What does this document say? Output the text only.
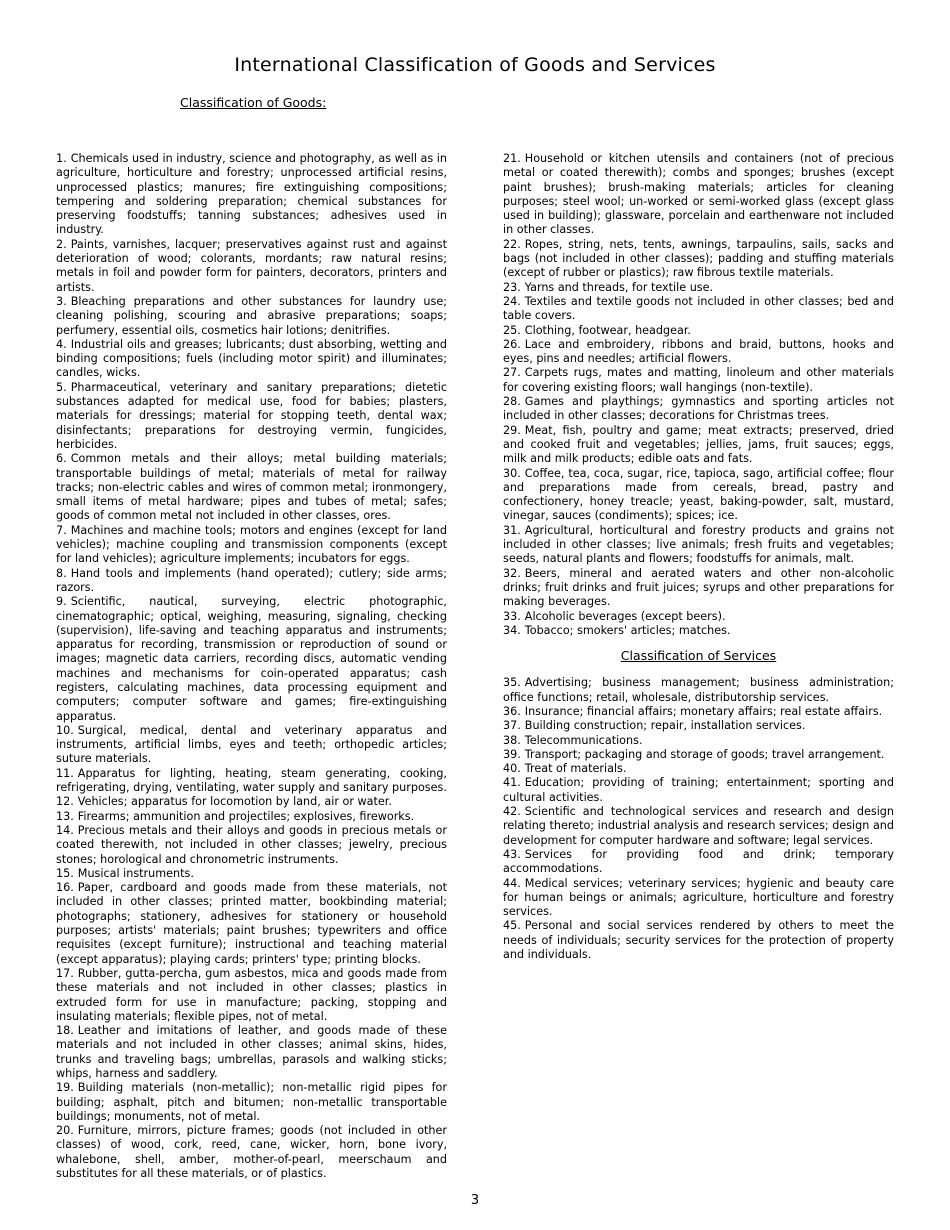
International Classification of Goods and Services
Classification of Goods:
1. Chemicals used in industry, science and photography, as well as in agriculture, horticulture and forestry; unprocessed artificial resins, unprocessed plastics; manures; fire extinguishing compositions; tempering and soldering preparation; chemical substances for preserving foodstuffs; tanning substances; adhesives used in industry.
2. Paints, varnishes, lacquer; preservatives against rust and against deterioration of wood; colorants, mordants; raw natural resins; metals in foil and powder form for painters, decorators, printers and artists.
3. Bleaching preparations and other substances for laundry use; cleaning polishing, scouring and abrasive preparations; soaps; perfumery, essential oils, cosmetics hair lotions; denitrifies.
4. Industrial oils and greases; lubricants; dust absorbing, wetting and binding compositions; fuels (including motor spirit) and illuminates; candles, wicks.
5. Pharmaceutical, veterinary and sanitary preparations; dietetic substances adapted for medical use, food for babies; plasters, materials for dressings; material for stopping teeth, dental wax; disinfectants; preparations for destroying vermin, fungicides, herbicides.
6. Common metals and their alloys; metal building materials; transportable buildings of metal; materials of metal for railway tracks; non-electric cables and wires of common metal; ironmongery, small items of metal hardware; pipes and tubes of metal; safes; goods of common metal not included in other classes, ores.
7. Machines and machine tools; motors and engines (except for land vehicles); machine coupling and transmission components (except for land vehicles); agriculture implements; incubators for eggs.
8. Hand tools and implements (hand operated); cutlery; side arms; razors.
9. Scientific, nautical, surveying, electric photographic, cinematographic; optical, weighing, measuring, signaling, checking (supervision), life-saving and teaching apparatus and instruments; apparatus for recording, transmission or reproduction of sound or images; magnetic data carriers, recording discs, automatic vending machines and mechanisms for coin-operated apparatus; cash registers, calculating machines, data processing equipment and computers; computer software and games; fire-extinguishing apparatus.
10. Surgical, medical, dental and veterinary apparatus and instruments, artificial limbs, eyes and teeth; orthopedic articles; suture materials.
11. Apparatus for lighting, heating, steam generating, cooking, refrigerating, drying, ventilating, water supply and sanitary purposes.
12. Vehicles; apparatus for locomotion by land, air or water.
13. Firearms; ammunition and projectiles; explosives, fireworks.
14. Precious metals and their alloys and goods in precious metals or coated therewith, not included in other classes; jewelry, precious stones; horological and chronometric instruments.
15. Musical instruments.
16. Paper, cardboard and goods made from these materials, not included in other classes; printed matter, bookbinding material; photographs; stationery, adhesives for stationery or household purposes; artists' materials; paint brushes; typewriters and office requisites (except furniture); instructional and teaching material (except apparatus); playing cards; printers' type; printing blocks.
17. Rubber, gutta-percha, gum asbestos, mica and goods made from these materials and not included in other classes; plastics in extruded form for use in manufacture; packing, stopping and insulating materials; flexible pipes, not of metal.
18. Leather and imitations of leather, and goods made of these materials and not included in other classes; animal skins, hides, trunks and traveling bags; umbrellas, parasols and walking sticks; whips, harness and saddlery.
19. Building materials (non-metallic); non-metallic rigid pipes for building; asphalt, pitch and bitumen; non-metallic transportable buildings; monuments, not of metal.
20. Furniture, mirrors, picture frames; goods (not included in other classes) of wood, cork, reed, cane, wicker, horn, bone ivory, whalebone, shell, amber, mother-of-pearl, meerschaum and substitutes for all these materials, or of plastics.
21. Household or kitchen utensils and containers (not of precious metal or coated therewith); combs and sponges; brushes (except paint brushes); brush-making materials; articles for cleaning purposes; steel wool; un-worked or semi-worked glass (except glass used in building); glassware, porcelain and earthenware not included in other classes.
22. Ropes, string, nets, tents, awnings, tarpaulins, sails, sacks and bags (not included in other classes); padding and stuffing materials (except of rubber or plastics); raw fibrous textile materials.
23. Yarns and threads, for textile use.
24. Textiles and textile goods not included in other classes; bed and table covers.
25. Clothing, footwear, headgear.
26. Lace and embroidery, ribbons and braid, buttons, hooks and eyes, pins and needles; artificial flowers.
27. Carpets rugs, mates and matting, linoleum and other materials for covering existing floors; wall hangings (non-textile).
28. Games and playthings; gymnastics and sporting articles not included in other classes; decorations for Christmas trees.
29. Meat, fish, poultry and game; meat extracts; preserved, dried and cooked fruit and vegetables; jellies, jams, fruit sauces; eggs, milk and milk products; edible oats and fats.
30. Coffee, tea, coca, sugar, rice, tapioca, sago, artificial coffee; flour and preparations made from cereals, bread, pastry and confectionery, honey treacle; yeast, baking-powder, salt, mustard, vinegar, sauces (condiments); spices; ice.
31. Agricultural, horticultural and forestry products and grains not included in other classes; live animals; fresh fruits and vegetables; seeds, natural plants and flowers; foodstuffs for animals, malt.
32. Beers, mineral and aerated waters and other non-alcoholic drinks; fruit drinks and fruit juices; syrups and other preparations for making beverages.
33. Alcoholic beverages (except beers).
34. Tobacco; smokers' articles; matches.
Classification of Services
35. Advertising; business management; business administration; office functions; retail, wholesale, distributorship services.
36. Insurance; financial affairs; monetary affairs; real estate affairs.
37. Building construction; repair, installation services.
38. Telecommunications.
39. Transport; packaging and storage of goods; travel arrangement.
40. Treat of materials.
41. Education; providing of training; entertainment; sporting and cultural activities.
42. Scientific and technological services and research and design relating thereto; industrial analysis and research services; design and development for computer hardware and software; legal services.
43. Services for providing food and drink; temporary accommodations.
44. Medical services; veterinary services; hygienic and beauty care for human beings or animals; agriculture, horticulture and forestry services.
45. Personal and social services rendered by others to meet the needs of individuals; security services for the protection of property and individuals.
3
